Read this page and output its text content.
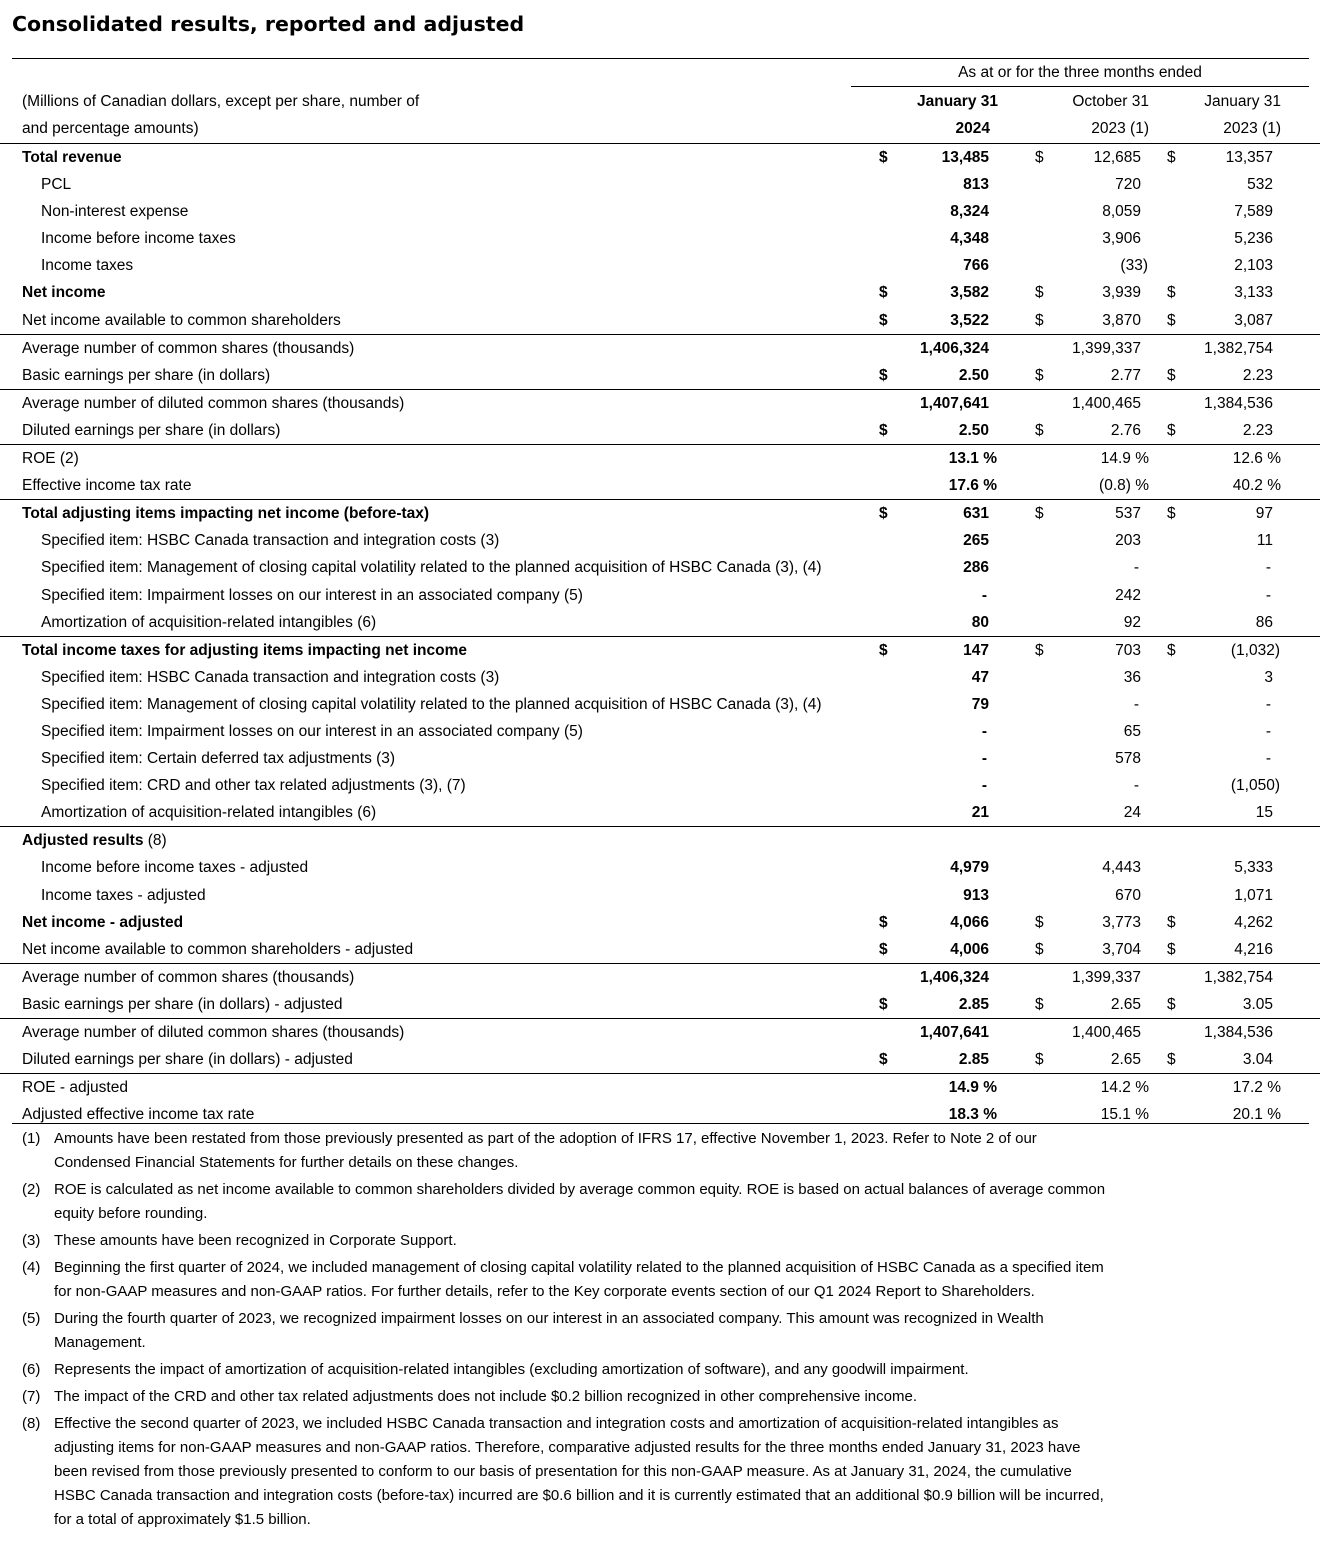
Consolidated results, reported and adjusted
As at or for the three months ended
(Millions of Canadian dollars, except per share, number of
and percentage amounts)
January 31
2024
October 31
2023 (1)
January 31
2023 (1)
Total revenue	$	13,485	$	12,685 $	13,357
PCL	813	720	532
Non-interest expense	8,324	8,059	7,589
Income before income taxes	4,348	3,906	5,236
Income taxes	766	(33)	2,103
Net income	$	3,582	$	3,939 $	3,133
Net income available to common shareholders	$	3,522	$	3,870 $	3,087
Average number of common shares (thousands)	1,406,324	1,399,337	1,382,754
Basic earnings per share (in dollars)	$	2.50	$	2.77 $	2.23
Average number of diluted common shares (thousands)	1,407,641	1,400,465	1,384,536
Diluted earnings per share (in dollars)	$	2.50	$	2.76 $	2.23
ROE (2)	13.1 %	14.9 %	12.6 %
Effective income tax rate	17.6 %	(0.8) %	40.2 %
Total adjusting items impacting net income (before-tax)	$	631	$	537 $	97
Specified item: HSBC Canada transaction and integration costs (3)	265	203	11
Specified item: Management of closing capital volatility related to the planned acquisition of HSBC Canada (3), (4)	286	-	-
Specified item: Impairment losses on our interest in an associated company (5)	-	242	-
Amortization of acquisition-related intangibles (6)	80	92	86
Total income taxes for adjusting items impacting net income	$	147	$	703 $	(1,032)
Specified item: HSBC Canada transaction and integration costs (3)	47	36	3
Specified item: Management of closing capital volatility related to the planned acquisition of HSBC Canada (3), (4)	79	-	-
Specified item: Impairment losses on our interest in an associated company (5)	-	65	-
Specified item: Certain deferred tax adjustments (3)	-	578	-
Specified item: CRD and other tax related adjustments (3), (7)	-	-	(1,050)
Amortization of acquisition-related intangibles (6)	21	24	15
Adjusted results (8)
Income before income taxes - adjusted	4,979	4,443	5,333
Income taxes - adjusted	913	670	1,071
Net income - adjusted	$	4,066	$	3,773 $	4,262
Net income available to common shareholders - adjusted	$	4,006	$	3,704 $	4,216
Average number of common shares (thousands)	1,406,324	1,399,337	1,382,754
Basic earnings per share (in dollars) - adjusted	$	2.85	$	2.65 $	3.05
Average number of diluted common shares (thousands)	1,407,641	1,400,465	1,384,536
Diluted earnings per share (in dollars) - adjusted	$	2.85	$	2.65 $	3.04
ROE - adjusted	14.9 %	14.2 %	17.2 %
Adjusted effective income tax rate	18.3 %	15.1 %	20.1 %
(1) Amounts have been restated from those previously presented as part of the adoption of IFRS 17, effective November 1, 2023. Refer to Note 2 of our Condensed Financial Statements for further details on these changes.
(2) ROE is calculated as net income available to common shareholders divided by average common equity. ROE is based on actual balances of average common equity before rounding.
(3) These amounts have been recognized in Corporate Support.
(4) Beginning the first quarter of 2024, we included management of closing capital volatility related to the planned acquisition of HSBC Canada as a specified item for non-GAAP measures and non-GAAP ratios. For further details, refer to the Key corporate events section of our Q1 2024 Report to Shareholders.
(5) During the fourth quarter of 2023, we recognized impairment losses on our interest in an associated company. This amount was recognized in Wealth Management.
(6) Represents the impact of amortization of acquisition-related intangibles (excluding amortization of software), and any goodwill impairment.
(7) The impact of the CRD and other tax related adjustments does not include $0.2 billion recognized in other comprehensive income.
(8) Effective the second quarter of 2023, we included HSBC Canada transaction and integration costs and amortization of acquisition-related intangibles as adjusting items for non-GAAP measures and non-GAAP ratios. Therefore, comparative adjusted results for the three months ended January 31, 2023 have been revised from those previously presented to conform to our basis of presentation for this non-GAAP measure. As at January 31, 2024, the cumulative HSBC Canada transaction and integration costs (before-tax) incurred are $0.6 billion and it is currently estimated that an additional $0.9 billion will be incurred, for a total of approximately $1.5 billion.
